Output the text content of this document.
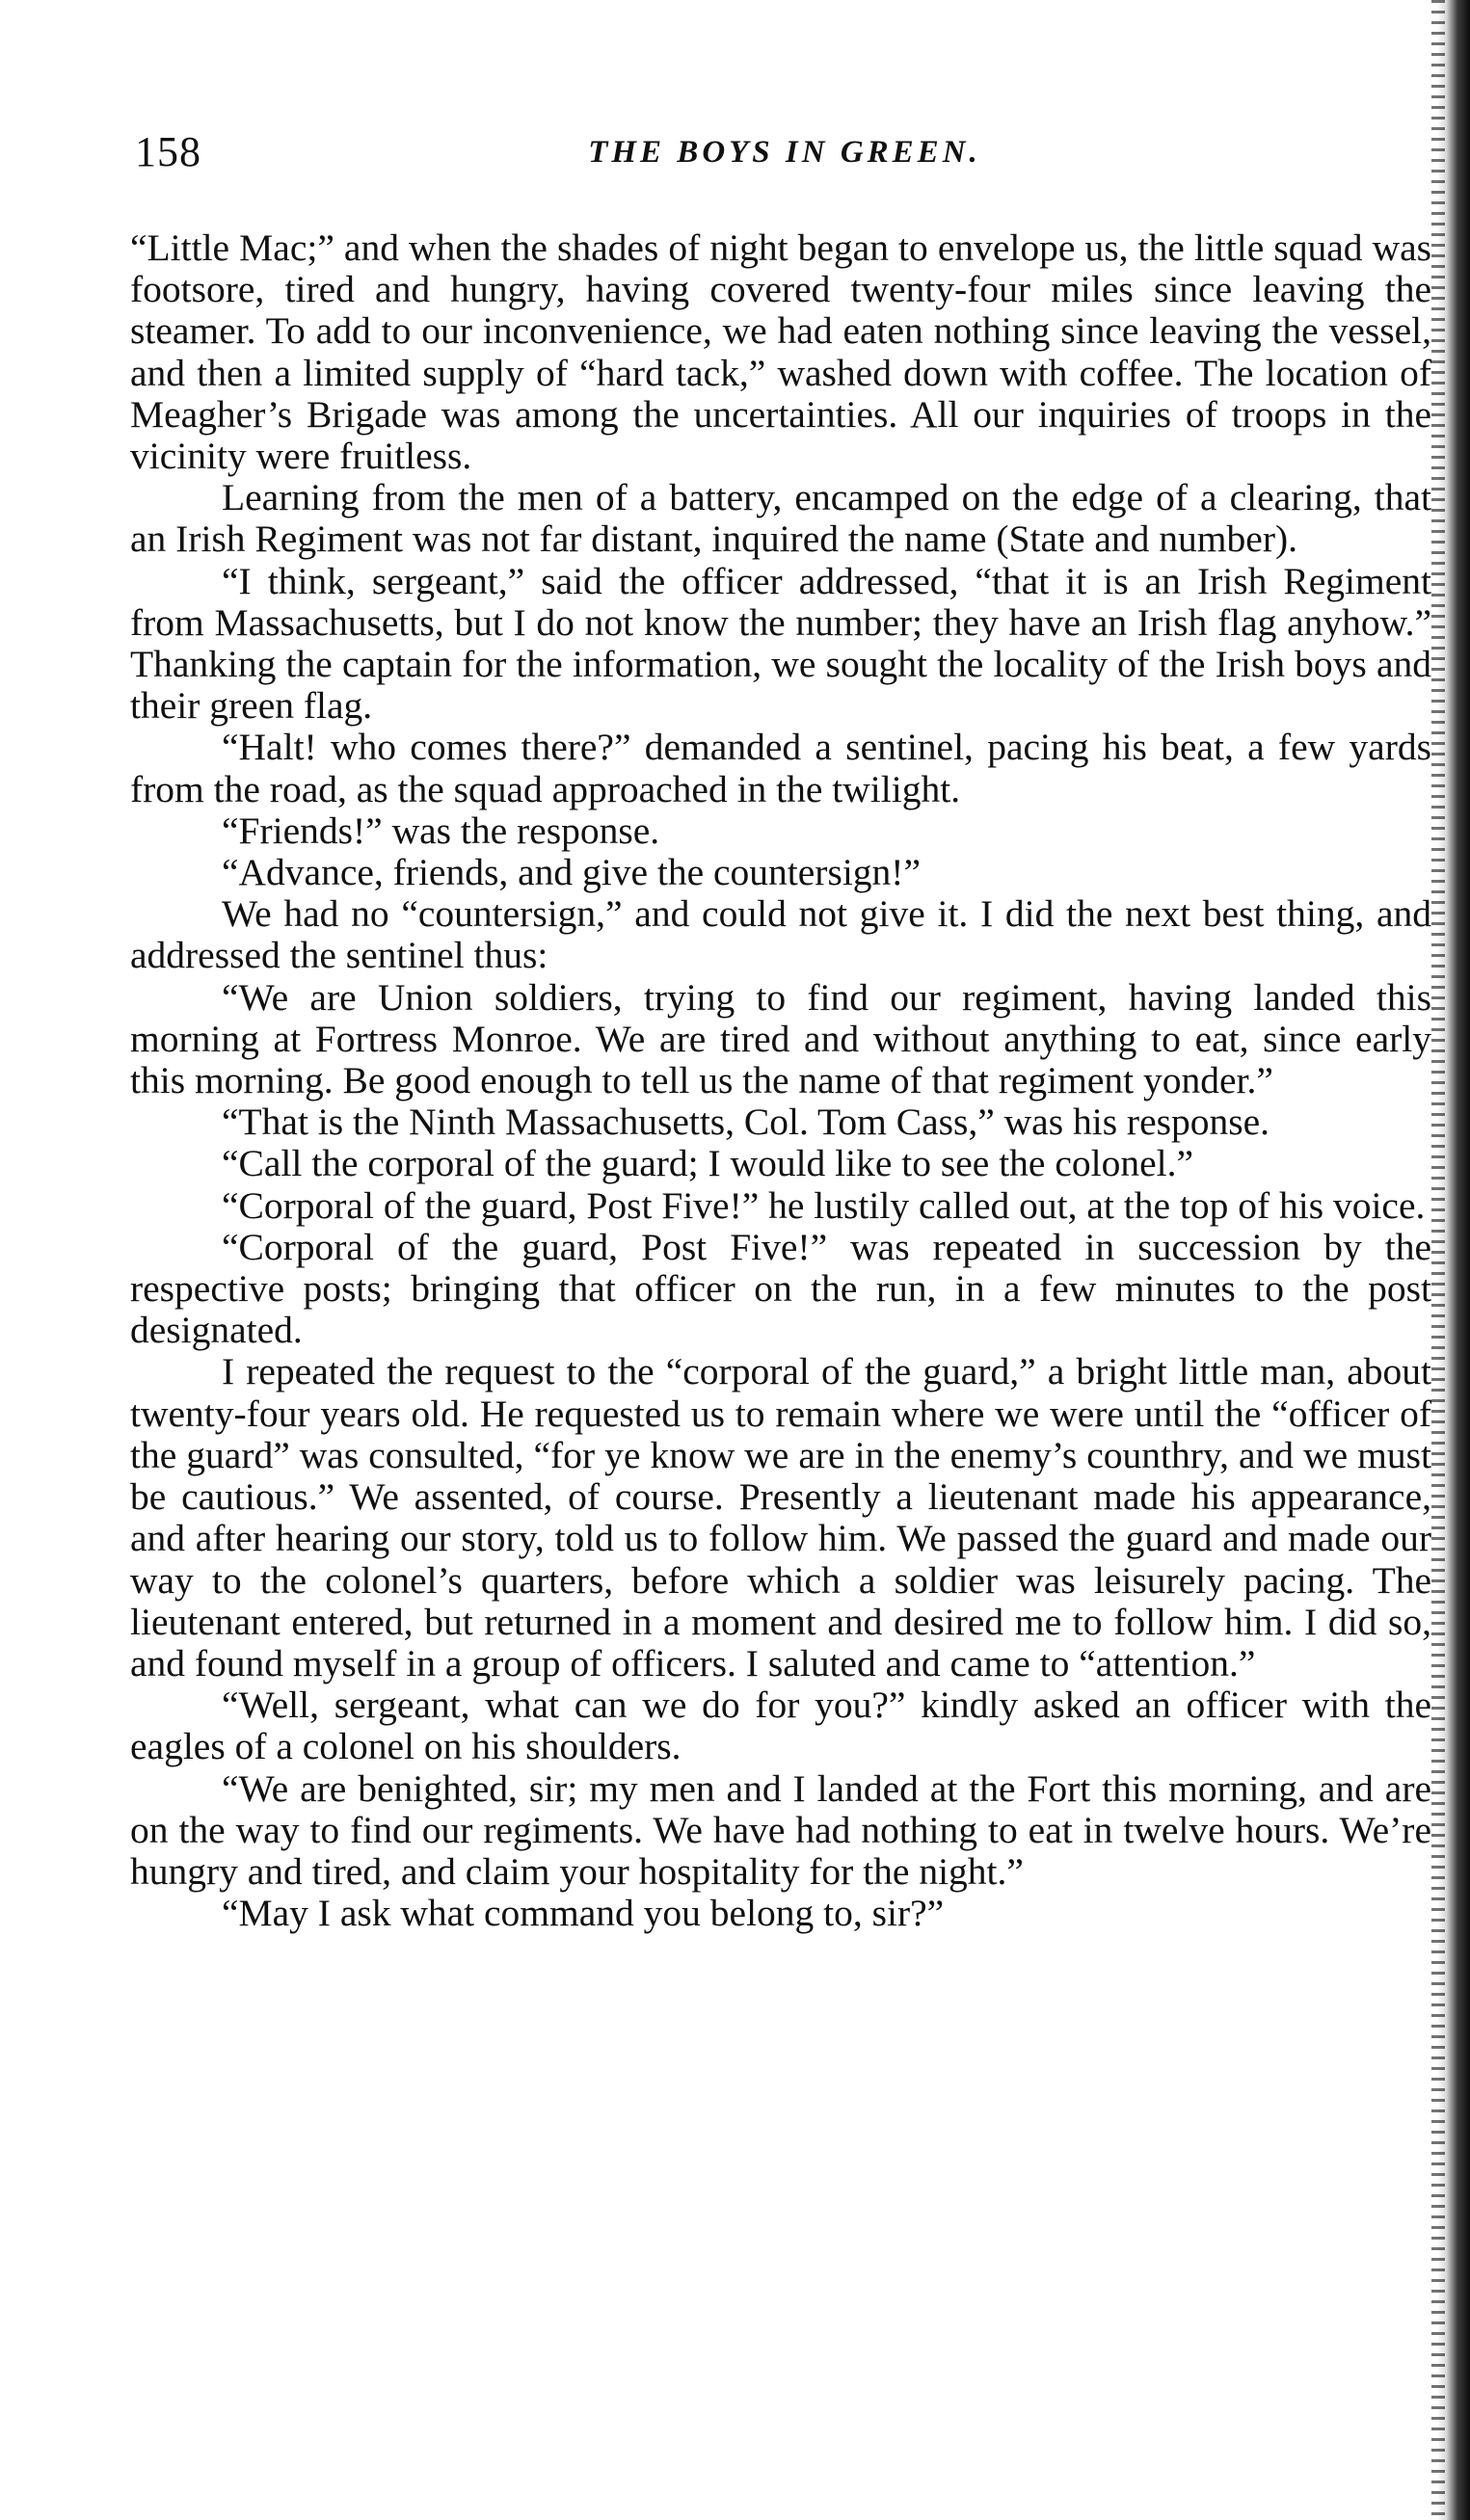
158	THE BOYS IN GREEN.

“Little Mac;” and when the shades of night began to envelope us, the little squad was footsore, tired and hungry, having covered twenty-four miles since leaving the steamer. To add to our inconvenience, we had eaten nothing since leaving the vessel, and then a limited supply of “hard tack,” washed down with coffee. The location of Meagher’s Brigade was among the uncertainties. All our inquiries of troops in the vicinity were fruitless.

Learning from the men of a battery, encamped on the edge of a clearing, that an Irish Regiment was not far distant, inquired the name (State and number).

“I think, sergeant,” said the officer addressed, “that it is an Irish Regiment from Massachusetts, but I do not know the number; they have an Irish flag anyhow.” Thanking the captain for the information, we sought the locality of the Irish boys and their green flag.

“Halt! who comes there?” demanded a sentinel, pacing his beat, a few yards from the road, as the squad approached in the twilight.

“Friends!” was the response.

“Advance, friends, and give the countersign!”

We had no “countersign,” and could not give it. I did the next best thing, and addressed the sentinel thus:

“We are Union soldiers, trying to find our regiment, having landed this morning at Fortress Monroe. We are tired and without anything to eat, since early this morning. Be good enough to tell us the name of that regiment yonder.”

“That is the Ninth Massachusetts, Col. Tom Cass,” was his response.

“Call the corporal of the guard; I would like to see the colonel.”

“Corporal of the guard, Post Five!” he lustily called out, at the top of his voice.

“Corporal of the guard, Post Five!” was repeated in succession by the respective posts; bringing that officer on the run, in a few minutes to the post designated.

I repeated the request to the “corporal of the guard,” a bright little man, about twenty-four years old. He requested us to remain where we were until the “officer of the guard” was consulted, “for ye know we are in the enemy’s counthry, and we must be cautious.” We assented, of course. Presently a lieutenant made his appearance, and after hearing our story, told us to follow him. We passed the guard and made our way to the colonel’s quarters, before which a soldier was leisurely pacing. The lieutenant entered, but returned in a moment and desired me to follow him. I did so, and found myself in a group of officers. I saluted and came to “attention.”

“Well, sergeant, what can we do for you?” kindly asked an officer with the eagles of a colonel on his shoulders.

“We are benighted, sir; my men and I landed at the Fort this morning, and are on the way to find our regiments. We have had nothing to eat in twelve hours. We’re hungry and tired, and claim your hospitality for the night.”

“May I ask what command you belong to, sir?”
